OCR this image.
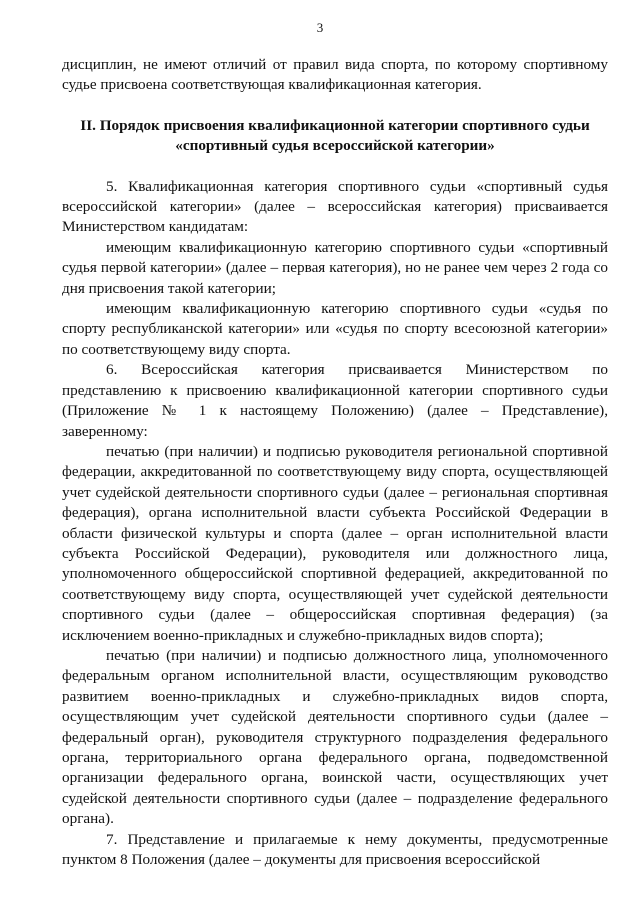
3

дисциплин, не имеют отличий от правил вида спорта, по которому спортивному судье присвоена соответствующая квалификационная категория.

II. Порядок присвоения квалификационной категории спортивного судьи
«спортивный судья всероссийской категории»

5. Квалификационная категория спортивного судьи «спортивный судья всероссийской категории» (далее – всероссийская категория) присваивается Министерством кандидатам:

имеющим квалификационную категорию спортивного судьи «спортивный судья первой категории» (далее – первая категория), но не ранее чем через 2 года со дня присвоения такой категории;

имеющим квалификационную категорию спортивного судьи «судья по спорту республиканской категории» или «судья по спорту всесоюзной категории» по соответствующему виду спорта.

6. Всероссийская категория присваивается Министерством по представлению к присвоению квалификационной категории спортивного судьи (Приложение № 1 к настоящему Положению) (далее – Представление), заверенному:

печатью (при наличии) и подписью руководителя региональной спортивной федерации, аккредитованной по соответствующему виду спорта, осуществляющей учет судейской деятельности спортивного судьи (далее – региональная спортивная федерация), органа исполнительной власти субъекта Российской Федерации в области физической культуры и спорта (далее – орган исполнительной власти субъекта Российской Федерации), руководителя или должностного лица, уполномоченного общероссийской спортивной федерацией, аккредитованной по соответствующему виду спорта, осуществляющей учет судейской деятельности спортивного судьи (далее – общероссийская спортивная федерация) (за исключением военно-прикладных и служебно-прикладных видов спорта);

печатью (при наличии) и подписью должностного лица, уполномоченного федеральным органом исполнительной власти, осуществляющим руководство развитием военно-прикладных и служебно-прикладных видов спорта, осуществляющим учет судейской деятельности спортивного судьи (далее – федеральный орган), руководителя структурного подразделения федерального органа, территориального органа федерального органа, подведомственной организации федерального органа, воинской части, осуществляющих учет судейской деятельности спортивного судьи (далее – подразделение федерального органа).

7. Представление и прилагаемые к нему документы, предусмотренные пунктом 8 Положения (далее – документы для присвоения всероссийской
